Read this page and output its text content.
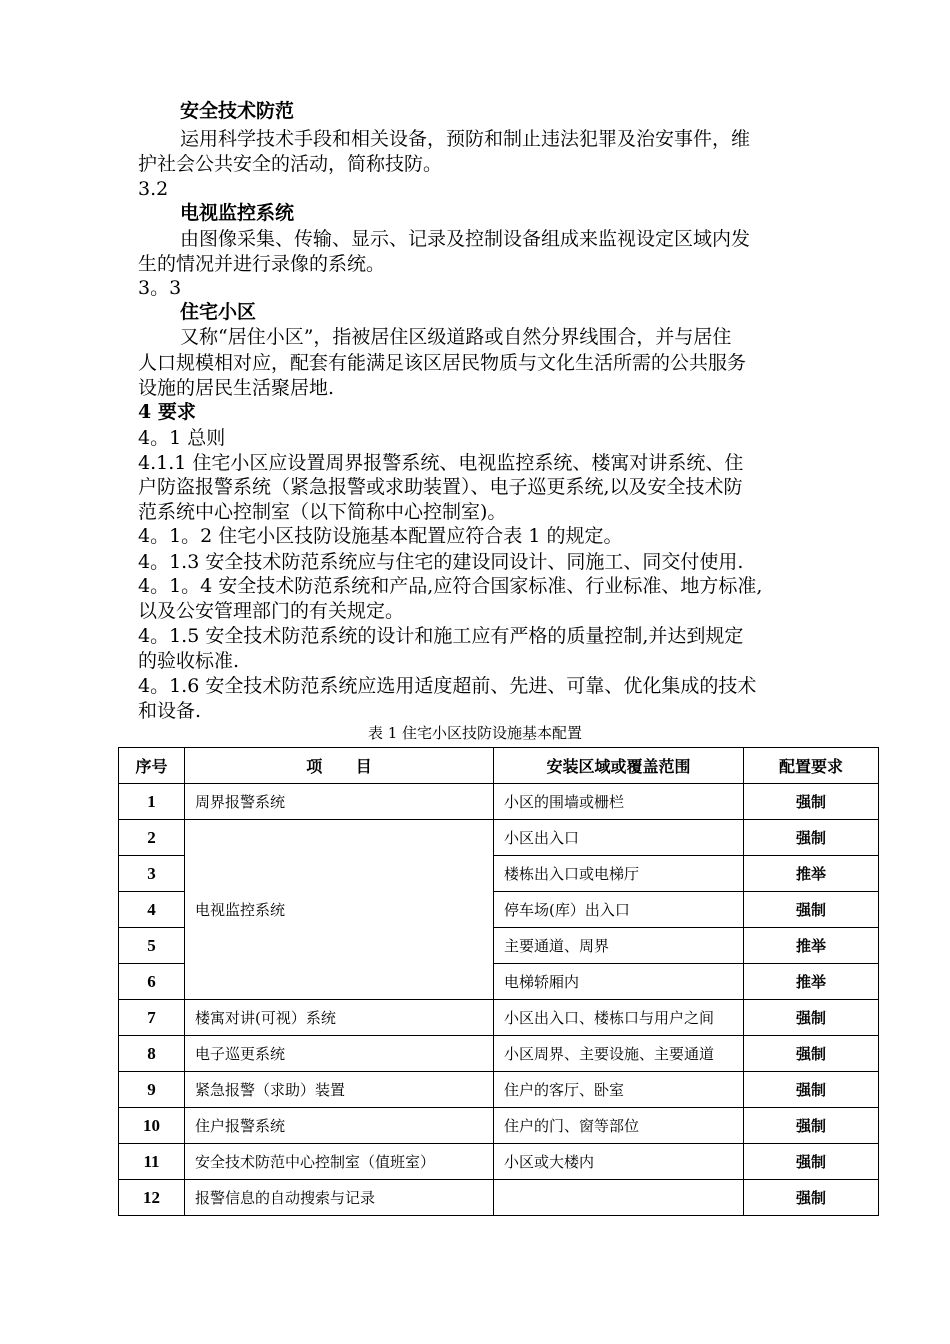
安全技术防范
运用科学技术手段和相关设备，预防和制止违法犯罪及治安事件，维
护社会公共安全的活动，简称技防。
3.2
电视监控系统
由图像采集、传输、显示、记录及控制设备组成来监视设定区域内发
生的情况并进行录像的系统。
3。3
住宅小区
又称“居住小区”，指被居住区级道路或自然分界线围合，并与居住
人口规模相对应，配套有能满足该区居民物质与文化生活所需的公共服务
设施的居民生活聚居地.
4 要求
4。1 总则
4.1.1 住宅小区应设置周界报警系统、电视监控系统、楼寓对讲系统、住
户防盗报警系统（紧急报警或求助装置）、电子巡更系统,以及安全技术防
范系统中心控制室（以下简称中心控制室)。
4。1。2 住宅小区技防设施基本配置应符合表 1 的规定。
4。1.3 安全技术防范系统应与住宅的建设同设计、同施工、同交付使用.
4。1。4 安全技术防范系统和产品,应符合国家标准、行业标准、地方标准,
以及公安管理部门的有关规定。
4。1.5 安全技术防范系统的设计和施工应有严格的质量控制,并达到规定
的验收标准.
4。1.6 安全技术防范系统应选用适度超前、先进、可靠、优化集成的技术
和设备.
表 1 住宅小区技防设施基本配置
序号	项      目	安装区域或覆盖范围	配置要求
1	周界报警系统	小区的围墙或栅栏	强制
2	电视监控系统	小区出入口	强制
3		楼栋出入口或电梯厅	推举
4		停车场(库）出入口	强制
5		主要通道、周界	推举
6		电梯轿厢内	推举
7	楼寓对讲(可视）系统	小区出入口、楼栋口与用户之间	强制
8	电子巡更系统	小区周界、主要设施、主要通道	强制
9	紧急报警（求助）装置	住户的客厅、卧室	强制
10	住户报警系统	住户的门、窗等部位	强制
11	安全技术防范中心控制室（值班室）	小区或大楼内	强制
12	报警信息的自动搜索与记录		强制
